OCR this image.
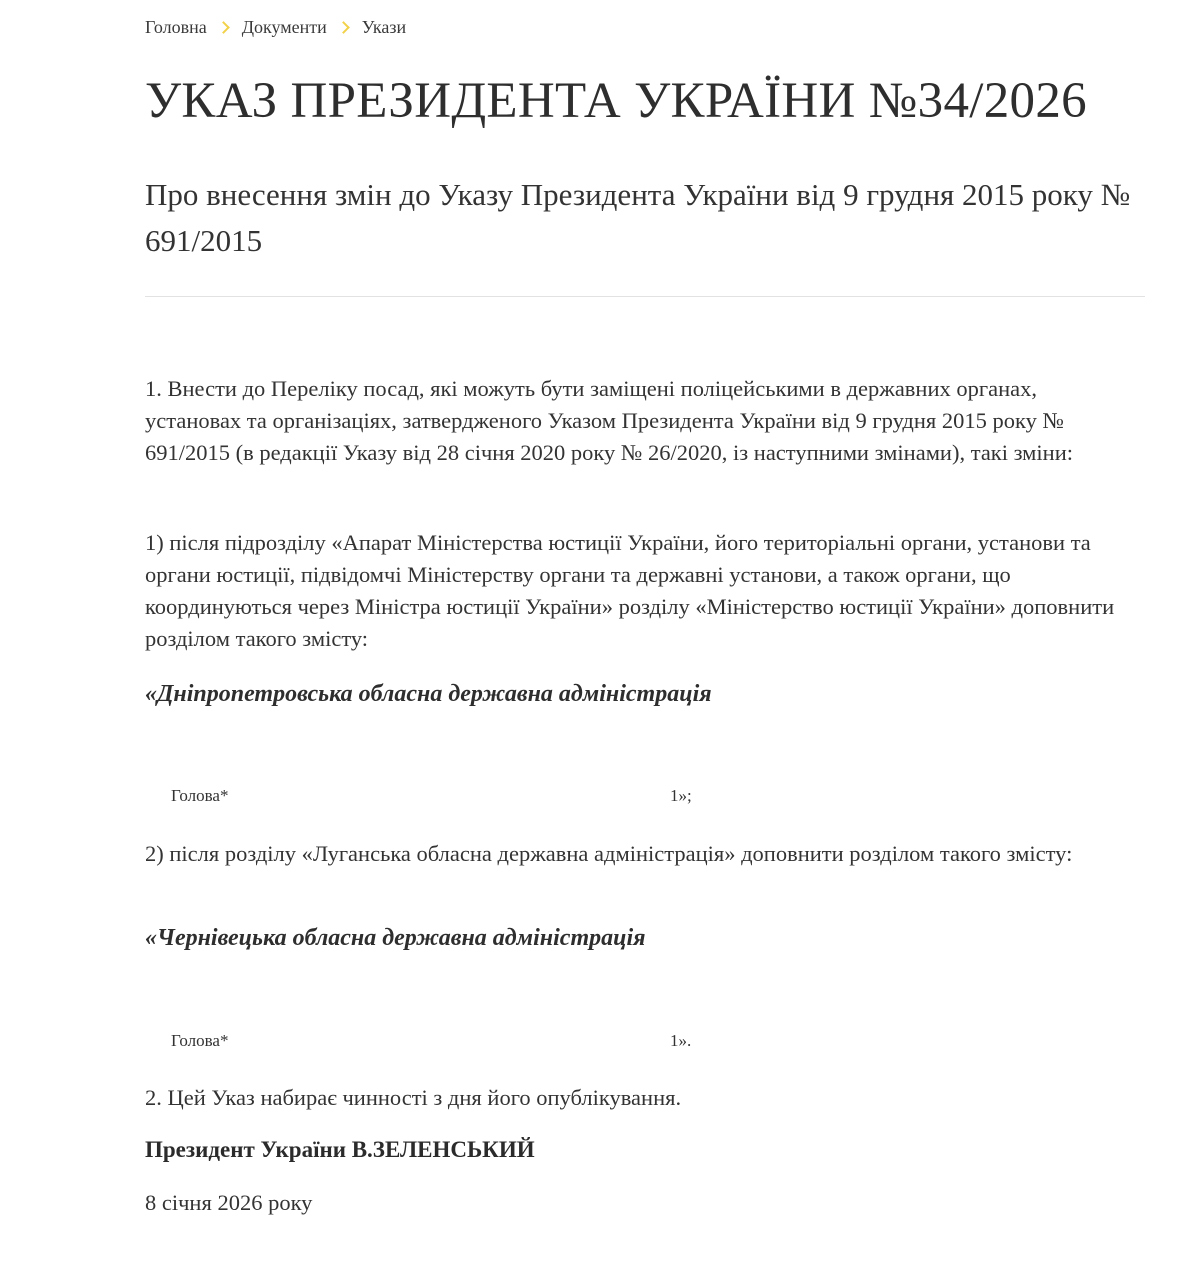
Головна Документи Укази
УКАЗ ПРЕЗИДЕНТА УКРАЇНИ №34/2026
Про внесення змін до Указу Президента України від 9 грудня 2015 року № 691/2015

1. Внести до Переліку посад, які можуть бути заміщені поліцейськими в державних органах, установах та організаціях, затвердженого Указом Президента України від 9 грудня 2015 року № 691/2015 (в редакції Указу від 28 січня 2020 року № 26/2020, із наступними змінами), такі зміни:

1) після підрозділу «Апарат Міністерства юстиції України, його територіальні органи, установи та органи юстиції, підвідомчі Міністерству органи та державні установи, а також органи, що координуються через Міністра юстиції України» розділу «Міністерство юстиції України» доповнити розділом такого змісту:

«Дніпропетровська обласна державна адміністрація

Голова*	1»;

2) після розділу «Луганська обласна державна адміністрація» доповнити розділом такого змісту:

«Чернівецька обласна державна адміністрація

Голова*	1».

2. Цей Указ набирає чинності з дня його опублікування.

Президент України В.ЗЕЛЕНСЬКИЙ

8 січня 2026 року
